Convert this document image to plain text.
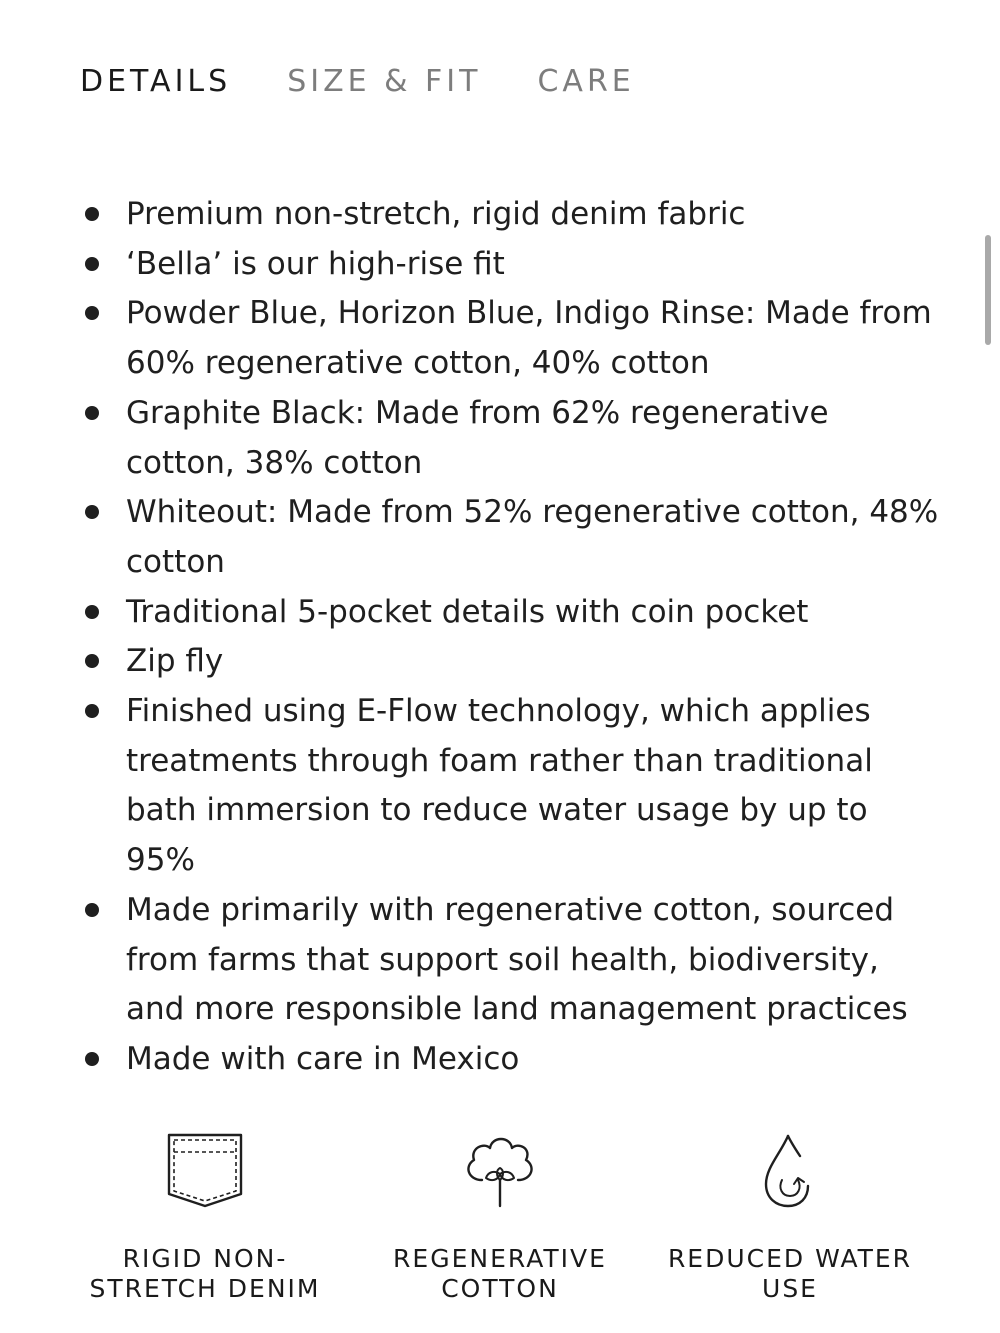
DETAILS SIZE & FIT CARE
Premium non-stretch, rigid denim fabric
‘Bella’ is our high-rise fit
Powder Blue, Horizon Blue, Indigo Rinse: Made from 60% regenerative cotton, 40% cotton
Graphite Black: Made from 62% regenerative cotton, 38% cotton
Whiteout: Made from 52% regenerative cotton, 48% cotton
Traditional 5-pocket details with coin pocket
Zip fly
Finished using E-Flow technology, which applies treatments through foam rather than traditional bath immersion to reduce water usage by up to 95%
Made primarily with regenerative cotton, sourced from farms that support soil health, biodiversity, and more responsible land management practices
Made with care in Mexico
RIGID NON-STRETCH DENIM
REGENERATIVE COTTON
REDUCED WATER USE
